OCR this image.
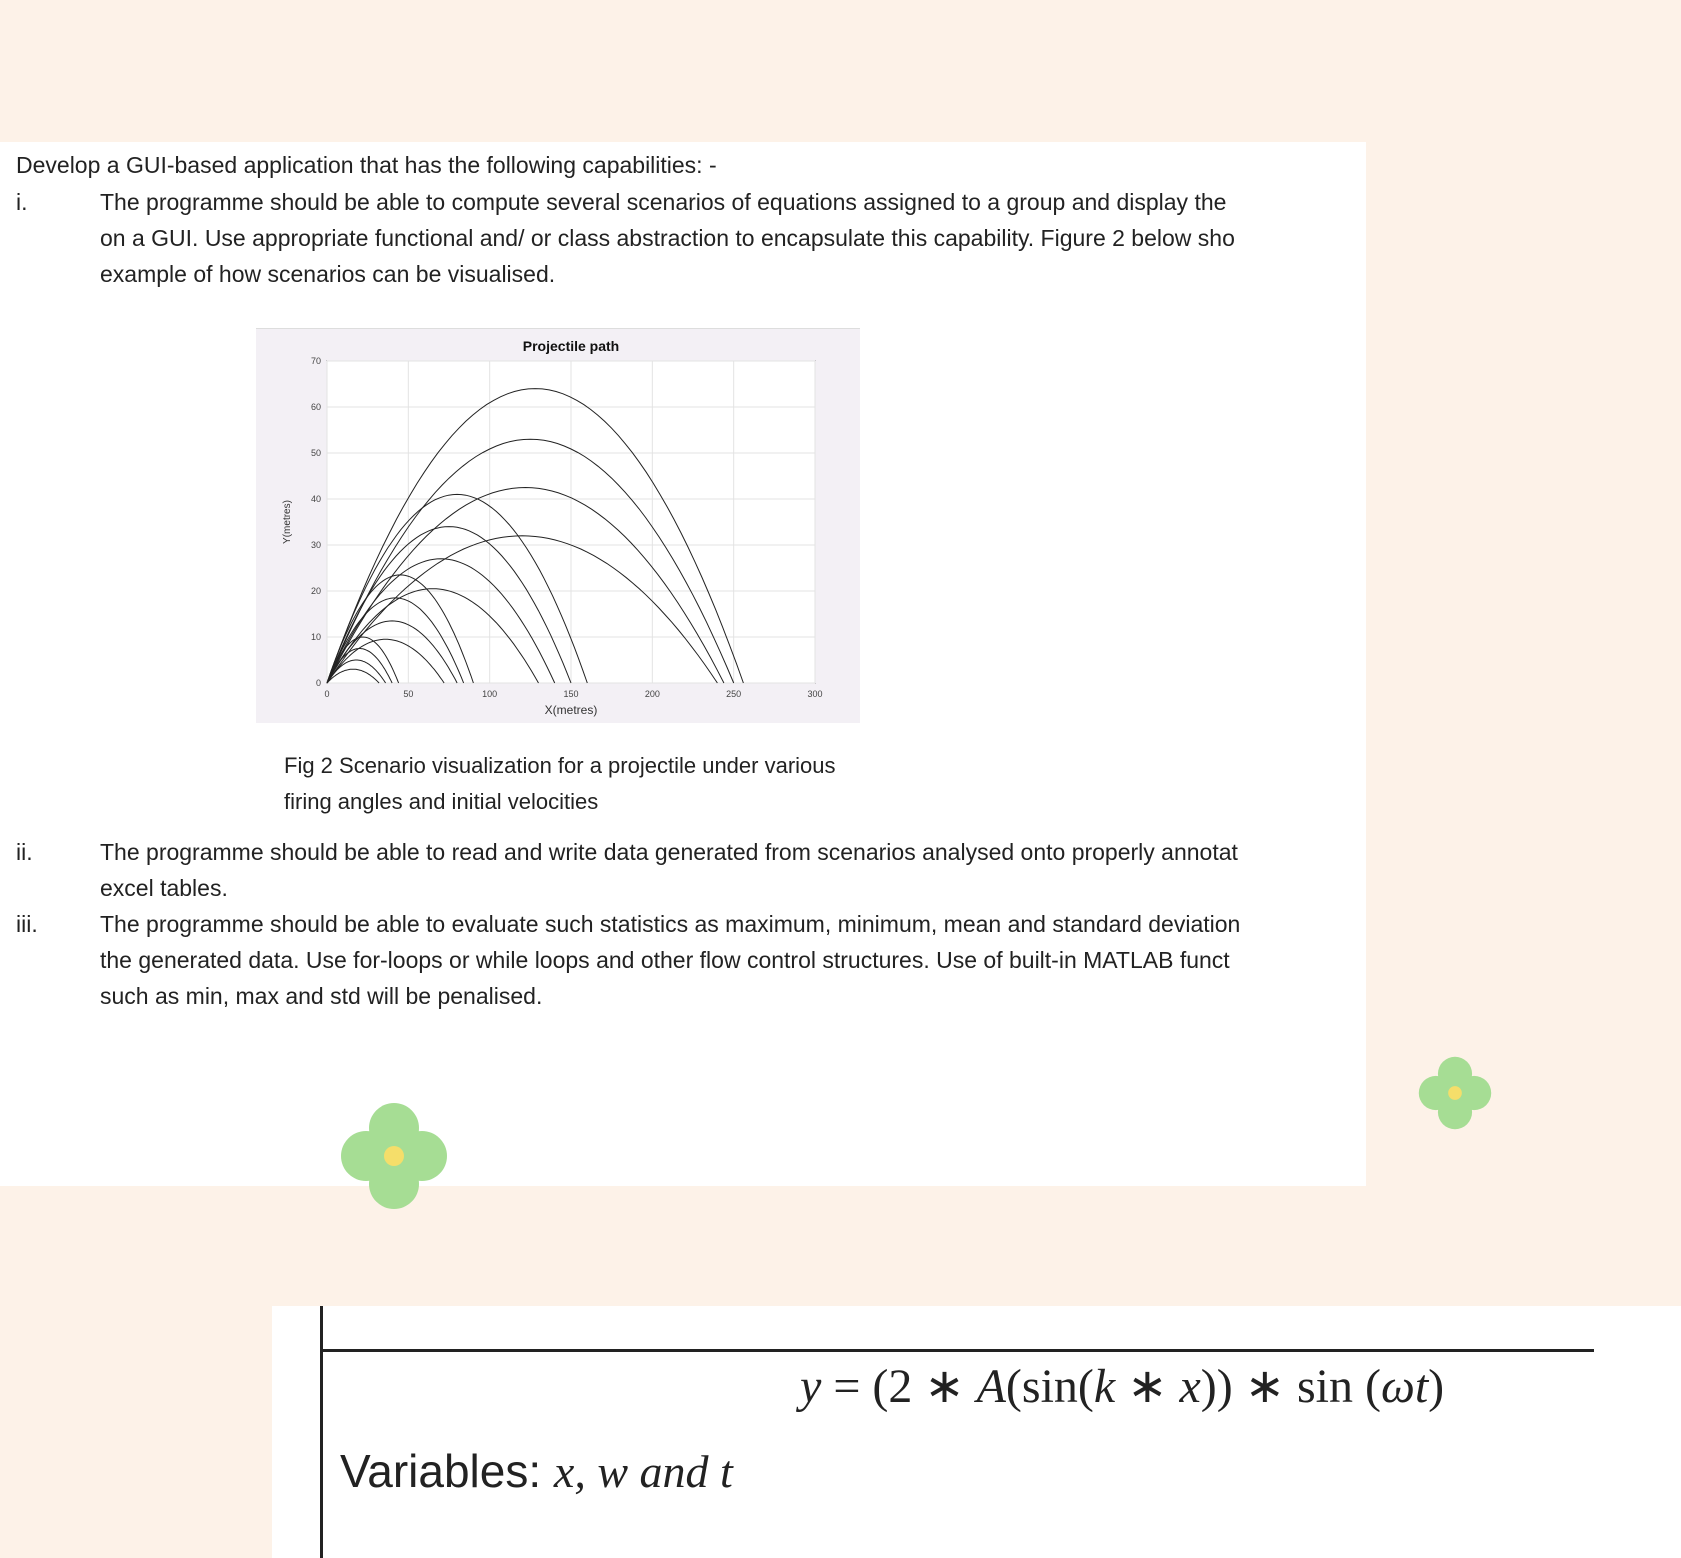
Develop a GUI-based application that has the following capabilities: -
i.	The programme should be able to compute several scenarios of equations assigned to a group and display the
on a GUI. Use appropriate functional and/ or class abstraction to encapsulate this capability. Figure 2 below sho
example of how scenarios can be visualised.
0	50	100	150	200	250	300
0
10
20
30
40
50
60
70
Projectile path
X(metres)
Y(metres)
Fig 2 Scenario visualization for a projectile under various
firing angles and initial velocities
ii.	The programme should be able to read and write data generated from scenarios analysed onto properly annotat
excel tables.
iii.	The programme should be able to evaluate such statistics as maximum, minimum, mean and standard deviation
the generated data. Use for-loops or while loops and other flow control structures. Use of built-in MATLAB funct
such as min, max and std will be penalised.
y = (2 ∗ A(sin(k ∗ x)) ∗ sin (ωt)
Variables: x, w and t
